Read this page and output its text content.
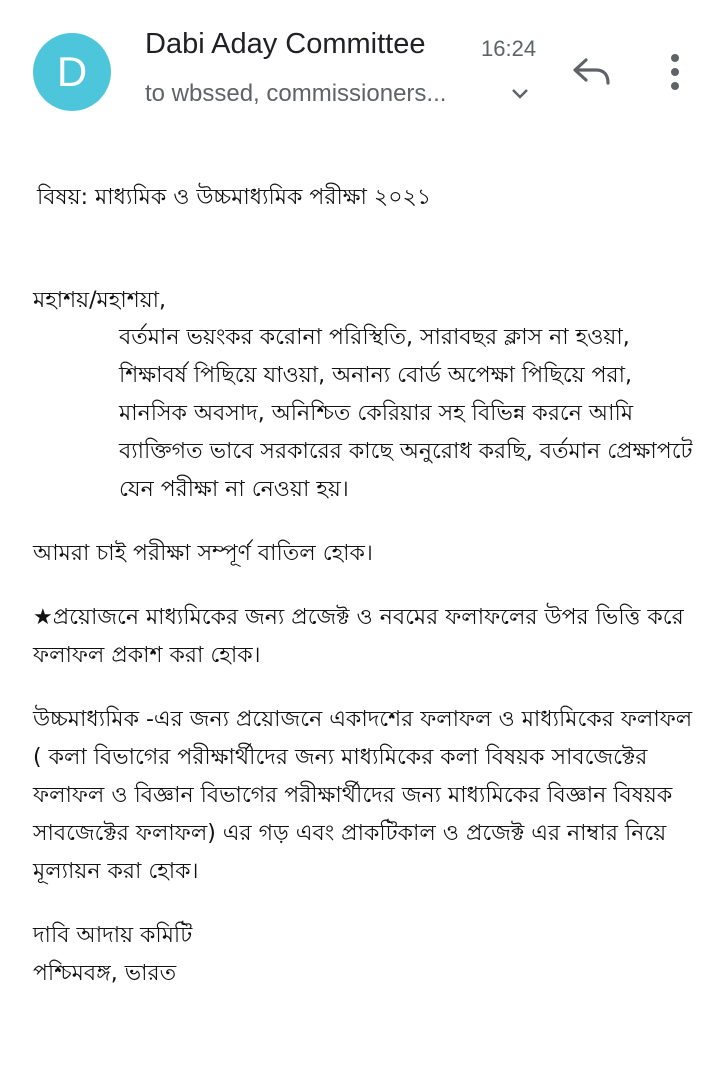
D
Dabi Aday Committee	16:24
to wbssed, commissioners...

বিষয়: মাধ্যমিক ও উচ্চমাধ্যমিক পরীক্ষা ২০২১

মহাশয়/মহাশয়া,

বর্তমান ভয়ংকর করোনা পরিস্থিতি, সারাবছর ক্লাস না হওয়া, শিক্ষাবর্ষ পিছিয়ে যাওয়া, অনান্য বোর্ড অপেক্ষা পিছিয়ে পরা, মানসিক অবসাদ, অনিশ্চিত কেরিয়ার সহ বিভিন্ন করনে আমি ব্যাক্তিগত ভাবে সরকারের কাছে অনুরোধ করছি, বর্তমান প্রেক্ষাপটে যেন পরীক্ষা না নেওয়া হয়।

আমরা চাই পরীক্ষা সম্পূর্ণ বাতিল হোক।

★প্রয়োজনে মাধ্যমিকের জন্য প্রজেক্ট ও নবমের ফলাফলের উপর ভিত্তি করে ফলাফল প্রকাশ করা হোক।

উচ্চমাধ্যমিক -এর জন্য প্রয়োজনে একাদশের ফলাফল ও মাধ্যমিকের ফলাফল ( কলা বিভাগের পরীক্ষার্থীদের জন্য মাধ্যমিকের কলা বিষয়ক সাবজেক্টের ফলাফল ও বিজ্ঞান বিভাগের পরীক্ষার্থীদের জন্য মাধ্যমিকের বিজ্ঞান বিষয়ক সাবজেক্টের ফলাফল) এর গড় এবং প্রাকটিকাল ও প্রজেক্ট এর নাম্বার নিয়ে মূল্যায়ন করা হোক।

দাবি আদায় কমিটি

পশ্চিমবঙ্গ, ভারত
